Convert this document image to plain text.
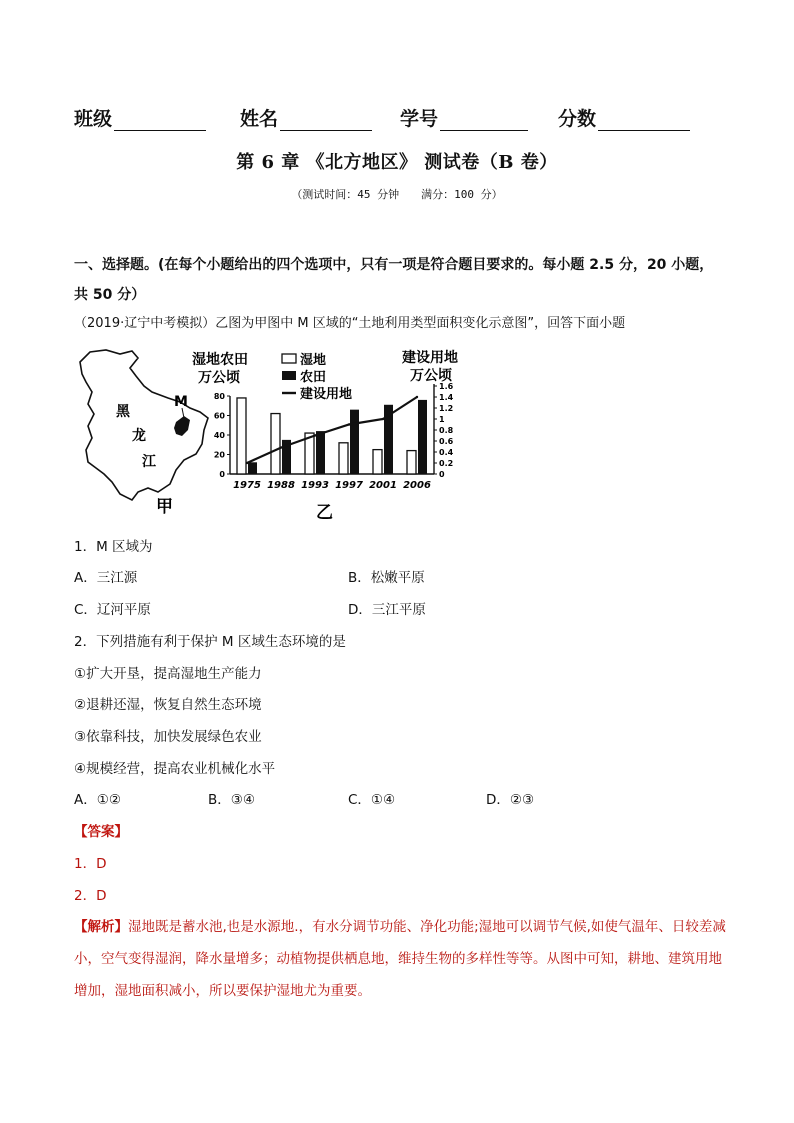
班级	姓名	学号	分数
第 6 章 《北方地区》 测试卷（B 卷）
（测试时间：45 分钟　　满分：100 分）
一、选择题。(在每个小题给出的四个选项中，只有一项是符合题目要求的。每小题 2.5 分，20 小题，共 50 分）
（2019·辽宁中考模拟）乙图为甲图中 M 区域的“土地利用类型面积变化示意图”，回答下面小题
M
黑
龙
江
甲
湿地农田
万公顷
建设用地
万公顷
湿地
农田
建设用地
0
20
40
60
80
0
0.2
0.4
0.6
0.8
1
1.2
1.4
1.6
1975 1988 1993 1997 2001 2006
乙
1．M 区域为
A．三江源	B．松嫩平原
C．辽河平原	D．三江平原
2．下列措施有利于保护 M 区域生态环境的是
①扩大开垦，提高湿地生产能力
②退耕还湿，恢复自然生态环境
③依靠科技，加快发展绿色农业
④规模经营，提高农业机械化水平
A．①②	B．③④	C．①④	D．②③
【答案】
1．D
2．D
【解析】湿地既是蓄水池,也是水源地.，有水分调节功能、净化功能;湿地可以调节气候,如使气温年、日较差减小，空气变得湿润，降水量增多；动植物提供栖息地，维持生物的多样性等等。从图中可知，耕地、建筑用地增加，湿地面积减小，所以要保护湿地尤为重要。
